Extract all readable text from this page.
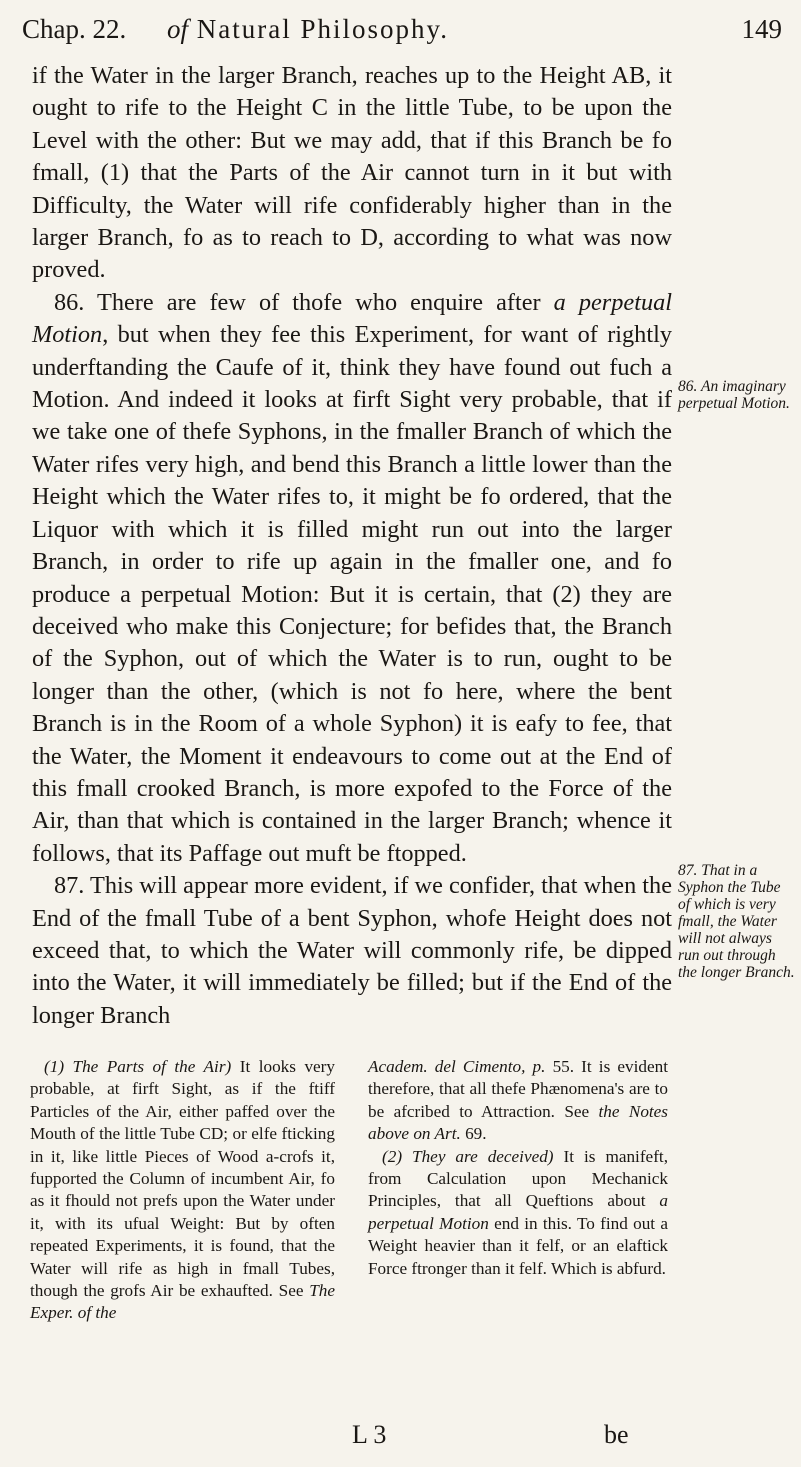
Chap. 22. of Natural Philosophy.	149

if the Water in the larger Branch, reaches up to the Height AB, it ought to rife to the Height C in the little Tube, to be upon the Level with the other: But we may add, that if this Branch be fo fmall, (1) that the Parts of the Air cannot turn in it but with Difficulty, the Water will rife confiderably higher than in the larger Branch, fo as to reach to D, according to what was now proved.

86. There are few of thofe who enquire after a perpetual Motion, but when they fee this Experiment, for want of rightly underftanding the Caufe of it, think they have found out fuch a Motion. And indeed it looks at firft Sight very probable, that if we take one of thefe Syphons, in the fmaller Branch of which the Water rifes very high, and bend this Branch a little lower than the Height which the Water rifes to, it might be fo ordered, that the Liquor with which it is filled might run out into the larger Branch, in order to rife up again in the fmaller one, and fo produce a perpetual Motion: But it is certain, that (2) they are deceived who make this Conjecture; for befides that, the Branch of the Syphon, out of which the Water is to run, ought to be longer than the other, (which is not fo here, where the bent Branch is in the Room of a whole Syphon) it is eafy to fee, that the Water, the Moment it endeavours to come out at the End of this fmall crooked Branch, is more expofed to the Force of the Air, than that which is contained in the larger Branch; whence it follows, that its Paffage out muft be ftopped.

87. This will appear more evident, if we confider, that when the End of the fmall Tube of a bent Syphon, whofe Height does not exceed that, to which the Water will commonly rife, be dipped into the Water, it will immediately be filled; but if the End of the longer Branch

86. An imaginary perpetual Motion.
87. That in a Syphon the Tube of which is very fmall, the Water will not always run out through the longer Branch.

(1) The Parts of the Air) It looks very probable, at firft Sight, as if the ftiff Particles of the Air, either paffed over the Mouth of the little Tube CD; or elfe fticking in it, like little Pieces of Wood a-crofs it, fupported the Column of incumbent Air, fo as it fhould not prefs upon the Water under it, with its ufual Weight: But by often repeated Experiments, it is found, that the Water will rife as high in fmall Tubes, though the grofs Air be exhaufted. See The Exper. of the

Academ. del Cimento, p. 55. It is evident therefore, that all thefe Phænomena's are to be afcribed to Attraction. See the Notes above on Art. 69.

(2) They are deceived) It is manifeft, from Calculation upon Mechanick Principles, that all Queftions about a perpetual Motion end in this. To find out a Weight heavier than it felf, or an elaftick Force ftronger than it felf. Which is abfurd.

L 3	be
